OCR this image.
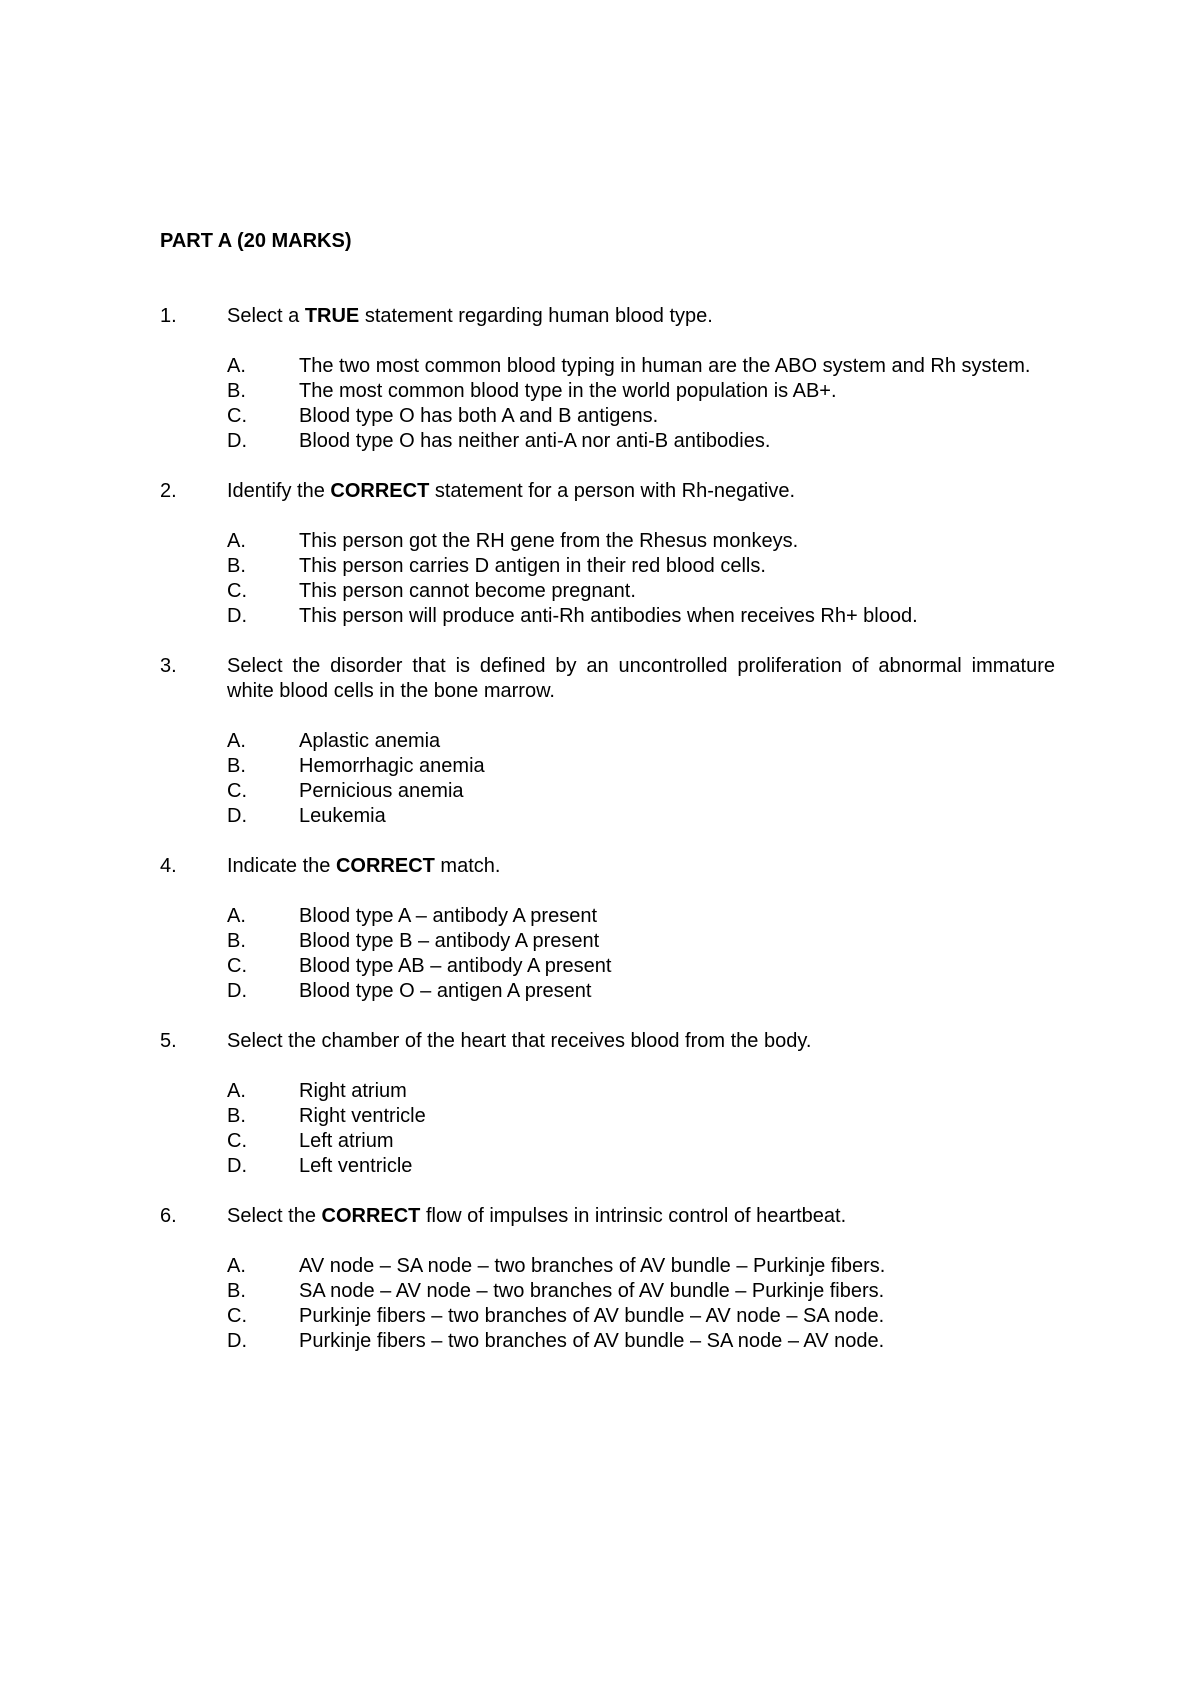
PART A (20 MARKS)

1.	Select a TRUE statement regarding human blood type.
A.	The two most common blood typing in human are the ABO system and Rh system.
B.	The most common blood type in the world population is AB+.
C.	Blood type O has both A and B antigens.
D.	Blood type O has neither anti-A nor anti-B antibodies.
2.	Identify the CORRECT statement for a person with Rh-negative.
A.	This person got the RH gene from the Rhesus monkeys.
B.	This person carries D antigen in their red blood cells.
C.	This person cannot become pregnant.
D.	This person will produce anti-Rh antibodies when receives Rh+ blood.
3.	Select the disorder that is defined by an uncontrolled proliferation of abnormal immature white blood cells in the bone marrow.
A.	Aplastic anemia
B.	Hemorrhagic anemia
C.	Pernicious anemia
D.	Leukemia
4.	Indicate the CORRECT match.
A.	Blood type A – antibody A present
B.	Blood type B – antibody A present
C.	Blood type AB – antibody A present
D.	Blood type O – antigen A present
5.	Select the chamber of the heart that receives blood from the body.
A.	Right atrium
B.	Right ventricle
C.	Left atrium
D.	Left ventricle
6.	Select the CORRECT flow of impulses in intrinsic control of heartbeat.
A.	AV node – SA node – two branches of AV bundle – Purkinje fibers.
B.	SA node – AV node – two branches of AV bundle – Purkinje fibers.
C.	Purkinje fibers – two branches of AV bundle – AV node – SA node.
D.	Purkinje fibers – two branches of AV bundle – SA node – AV node.
